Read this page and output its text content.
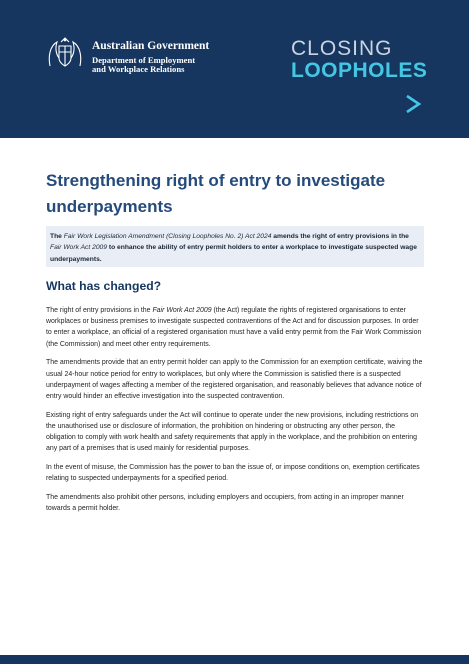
Australian Government
Department of Employment
and Workplace Relations
CLOSING
LOOPHOLES
Strengthening right of entry to investigate
underpayments
The Fair Work Legislation Amendment (Closing Loopholes No. 2) Act 2024 amends the right of entry provisions in the Fair Work Act 2009 to enhance the ability of entry permit holders to enter a workplace to investigate suspected wage underpayments.
What has changed?

The right of entry provisions in the Fair Work Act 2009 (the Act) regulate the rights of registered organisations to enter workplaces or business premises to investigate suspected contraventions of the Act and for discussion purposes. In order to enter a workplace, an official of a registered organisation must have a valid entry permit from the Fair Work Commission (the Commission) and meet other entry requirements.

The amendments provide that an entry permit holder can apply to the Commission for an exemption certificate, waiving the usual 24-hour notice period for entry to workplaces, but only where the Commission is satisfied there is a suspected underpayment of wages affecting a member of the registered organisation, and reasonably believes that advance notice of entry would hinder an effective investigation into the suspected contravention.

Existing right of entry safeguards under the Act will continue to operate under the new provisions, including restrictions on the unauthorised use or disclosure of information, the prohibition on hindering or obstructing any other person, the obligation to comply with work health and safety requirements that apply in the workplace, and the prohibition on entering any part of a premises that is used mainly for residential purposes.

In the event of misuse, the Commission has the power to ban the issue of, or impose conditions on, exemption certificates relating to suspected underpayments for a specified period.

The amendments also prohibit other persons, including employers and occupiers, from acting in an improper manner towards a permit holder.
